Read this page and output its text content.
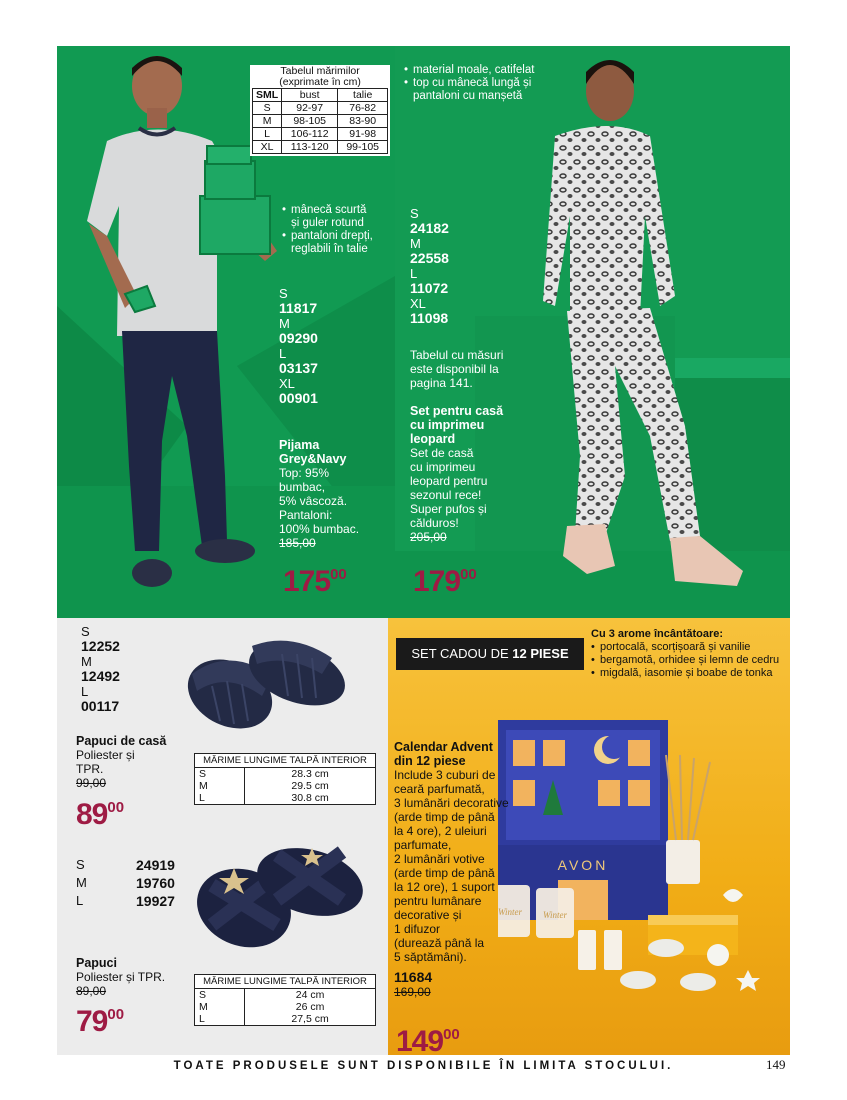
Tabelul mărimilor
(exprimate în cm)
SML	bust	talie
S	92-97	76-82
M	98-105	83-90
L	106-112	91-98
XL	113-120	99-105
• mânecă scurtă
și guler rotund
• pantaloni drepți,
reglabili în talie
S
11817
M
09290
L
03137
XL
00901
Pijama
Grey&Navy
Top: 95%
bumbac,
5% vâscoză.
Pantaloni:
100% bumbac.
185,00
$175^{00}$
• material moale, catifelat
• top cu mânecă lungă și
pantaloni cu manșetă
S
24182
M
22558
L
11072
XL
11098
Tabelul cu măsuri
este disponibil la
pagina 141.
Set pentru casă
cu imprimeu
leopard
Set de casă
cu imprimeu
leopard pentru
sezonul rece!
Super pufos și
călduros!
205,00
$179^{00}$
S
12252
M
12492
L
00117
Papuci de casă
Poliester și
TPR.
99,00
$89^{00}$
MĂRIME LUNGIME TALPĂ INTERIOR	
S	28.3 cm
M	29.5 cm
L	30.8 cm
S	24919
M	19760
L	19927
Papuci
Poliester și TPR.
89,00
$79^{00}$
MĂRIME LUNGIME TALPĂ INTERIOR	
S	24 cm
M	26 cm
L	27,5 cm
SET CADOU DE 12 PIESE
Cu 3 arome încântătoare:
• portocală, scorțișoară și vanilie
• bergamotă, orhidee și lemn de cedru
• migdală, iasomie și boabe de tonka
AVON
Winter Winter
Calendar Advent
din 12 piese
Include 3 cuburi de
ceară parfumată,
3 lumânări decorative
(arde timp de până
la 4 ore), 2 uleiuri
parfumate,
2 lumânări votive
(arde timp de până
la 12 ore), 1 suport
pentru lumânare
decorative și
1 difuzor
(durează până la
5 săptămâni).
11684
169,00
$149^{00}$
TOATE PRODUSELE SUNT DISPONIBILE ÎN LIMITA STOCULUI.	149
